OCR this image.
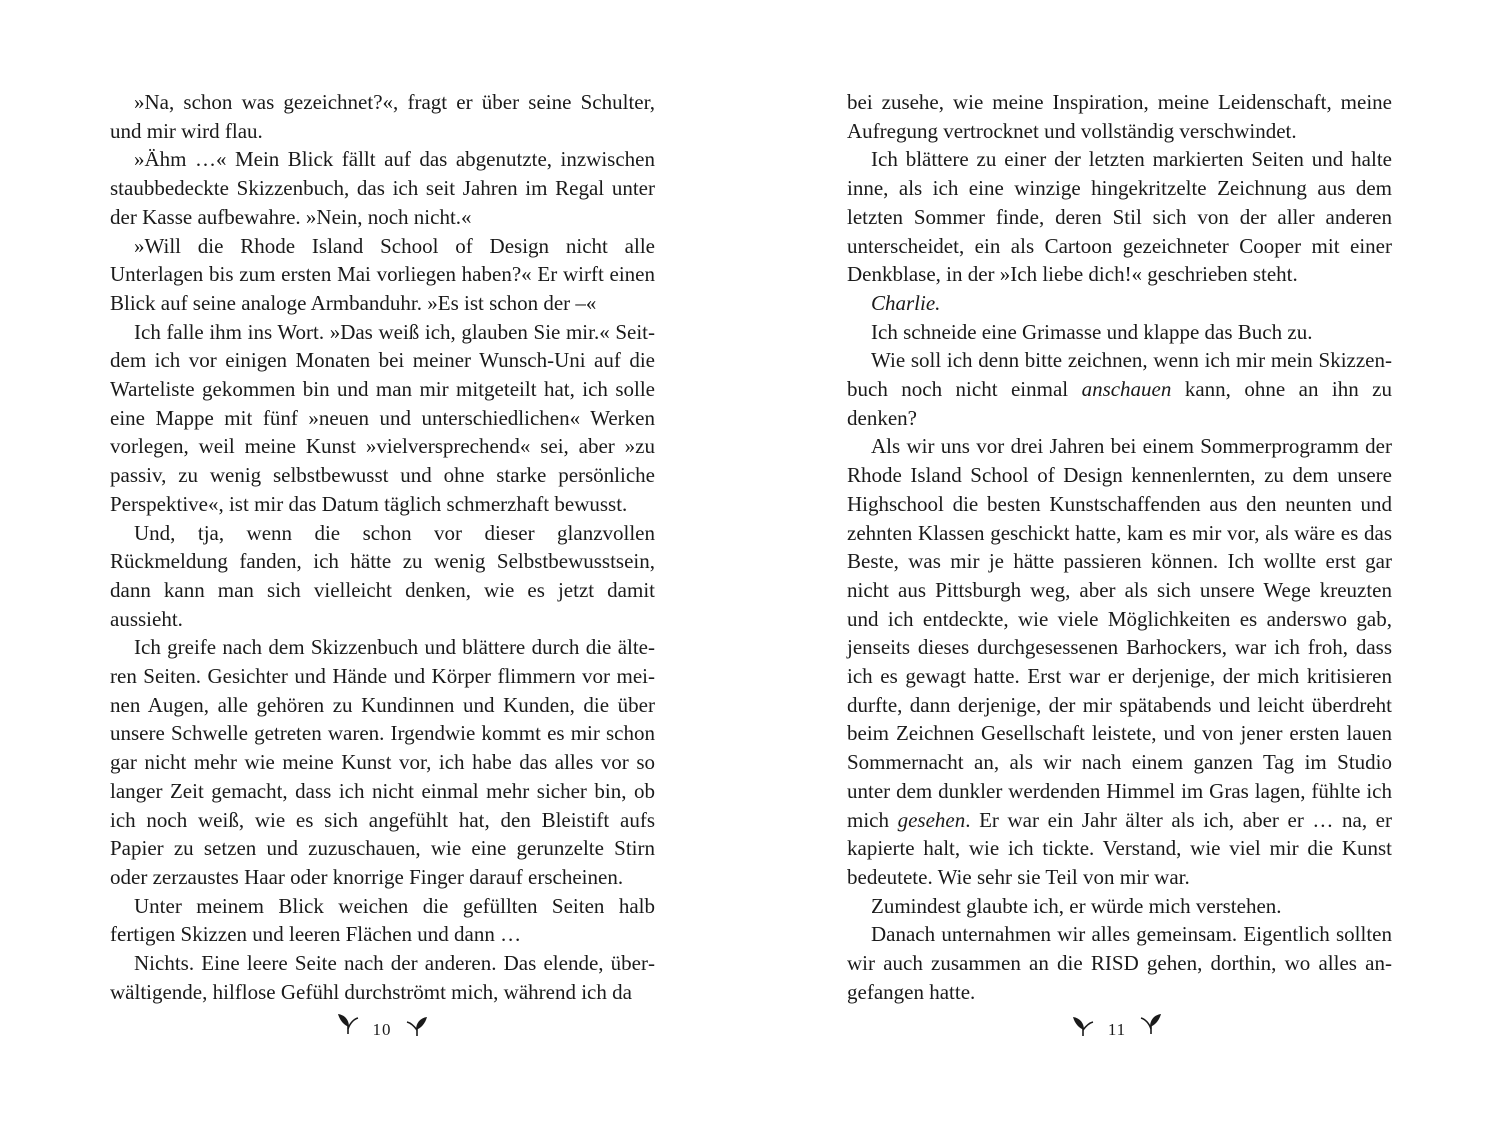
»Na, schon was gezeichnet?«, fragt er über seine Schulter, und mir wird flau.

»Ähm …« Mein Blick fällt auf das abgenutzte, inzwischen staubbedeckte Skizzenbuch, das ich seit Jahren im Regal unter der Kasse aufbewahre. »Nein, noch nicht.«

»Will die Rhode Island School of Design nicht alle Unterlagen bis zum ersten Mai vorliegen haben?« Er wirft einen Blick auf seine analoge Armbanduhr. »Es ist schon der –«

Ich falle ihm ins Wort. »Das weiß ich, glauben Sie mir.« Seitdem ich vor einigen Monaten bei meiner Wunsch-Uni auf die Warteliste gekommen bin und man mir mitgeteilt hat, ich solle eine Mappe mit fünf »neuen und unterschiedlichen« Werken vorlegen, weil meine Kunst »vielversprechend« sei, aber »zu passiv, zu wenig selbstbewusst und ohne starke persönliche Perspektive«, ist mir das Datum täglich schmerzhaft bewusst.

Und, tja, wenn die schon vor dieser glanzvollen Rückmeldung fanden, ich hätte zu wenig Selbstbewusstsein, dann kann man sich vielleicht denken, wie es jetzt damit aussieht.

Ich greife nach dem Skizzenbuch und blättere durch die älteren Seiten. Gesichter und Hände und Körper flimmern vor meinen Augen, alle gehören zu Kundinnen und Kunden, die über unsere Schwelle getreten waren. Irgendwie kommt es mir schon gar nicht mehr wie meine Kunst vor, ich habe das alles vor so langer Zeit gemacht, dass ich nicht einmal mehr sicher bin, ob ich noch weiß, wie es sich angefühlt hat, den Bleistift aufs Papier zu setzen und zuzuschauen, wie eine gerunzelte Stirn oder zerzaustes Haar oder knorrige Finger darauf erscheinen.

Unter meinem Blick weichen die gefüllten Seiten halb fertigen Skizzen und leeren Flächen und dann …

Nichts. Eine leere Seite nach der anderen. Das elende, überwältigende, hilflose Gefühl durchströmt mich, während ich da

10

bei zusehe, wie meine Inspiration, meine Leidenschaft, meine Aufregung vertrocknet und vollständig verschwindet.

Ich blättere zu einer der letzten markierten Seiten und halte inne, als ich eine winzige hingekritzelte Zeichnung aus dem letzten Sommer finde, deren Stil sich von der aller anderen unterscheidet, ein als Cartoon gezeichneter Cooper mit einer Denkblase, in der »Ich liebe dich!« geschrieben steht.

Charlie.

Ich schneide eine Grimasse und klappe das Buch zu.

Wie soll ich denn bitte zeichnen, wenn ich mir mein Skizzenbuch noch nicht einmal anschauen kann, ohne an ihn zu denken?

Als wir uns vor drei Jahren bei einem Sommerprogramm der Rhode Island School of Design kennenlernten, zu dem unsere Highschool die besten Kunstschaffenden aus den neunten und zehnten Klassen geschickt hatte, kam es mir vor, als wäre es das Beste, was mir je hätte passieren können. Ich wollte erst gar nicht aus Pittsburgh weg, aber als sich unsere Wege kreuzten und ich entdeckte, wie viele Möglichkeiten es anderswo gab, jenseits dieses durchgesessenen Barhockers, war ich froh, dass ich es gewagt hatte. Erst war er derjenige, der mich kritisieren durfte, dann derjenige, der mir spätabends und leicht überdreht beim Zeichnen Gesellschaft leistete, und von jener ersten lauen Sommernacht an, als wir nach einem ganzen Tag im Studio unter dem dunkler werdenden Himmel im Gras lagen, fühlte ich mich gesehen. Er war ein Jahr älter als ich, aber er … na, er kapierte halt, wie ich tickte. Verstand, wie viel mir die Kunst bedeutete. Wie sehr sie Teil von mir war.

Zumindest glaubte ich, er würde mich verstehen.

Danach unternahmen wir alles gemeinsam. Eigentlich sollten wir auch zusammen an die RISD gehen, dorthin, wo alles angefangen hatte.

11
